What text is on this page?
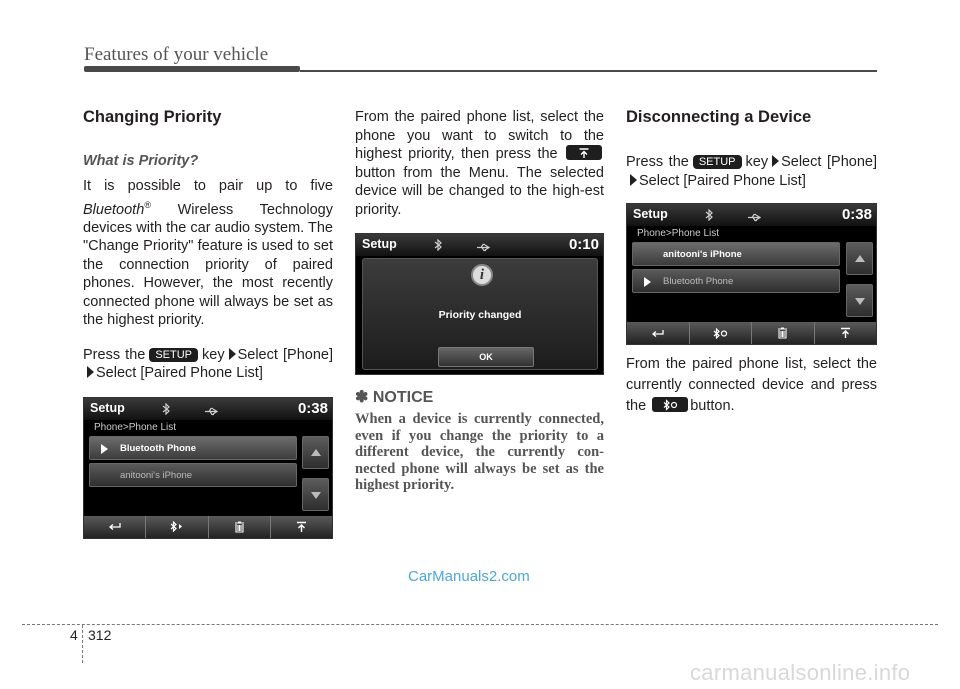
Features of your vehicle
Changing Priority
What is Priority?

It is possible to pair up to five Bluetooth® Wireless Technology devices with the car audio system. The "Change Priority" feature is used to set the connection priority of paired phones. However, the most recently connected phone will always be set as the highest priority.

Press the SETUP key Select [Phone]Select [Paired Phone List]

Setup	0:38
Phone>Phone List
Bluetooth Phone
anitooni's iPhone

From the paired phone list, select the phone you want to switch to the highest priority, then press the
button from the Menu. The selected device will be changed to the high-est priority.

Setup	0:10
i
Priority changed
OK
✽ NOTICE

When a device is currently connected, even if you change the priority to a different device, the currently con-nected phone will always be set as the highest priority.

Disconnecting a Device

Press the SETUP key Select [Phone]Select [Paired Phone List]

Setup	0:38
Phone>Phone List
anitooni's iPhone
Bluetooth Phone

From the paired phone list, select the currently connected device and press the	button.

CarManuals2.com
4 312
carmanualsonline.info
